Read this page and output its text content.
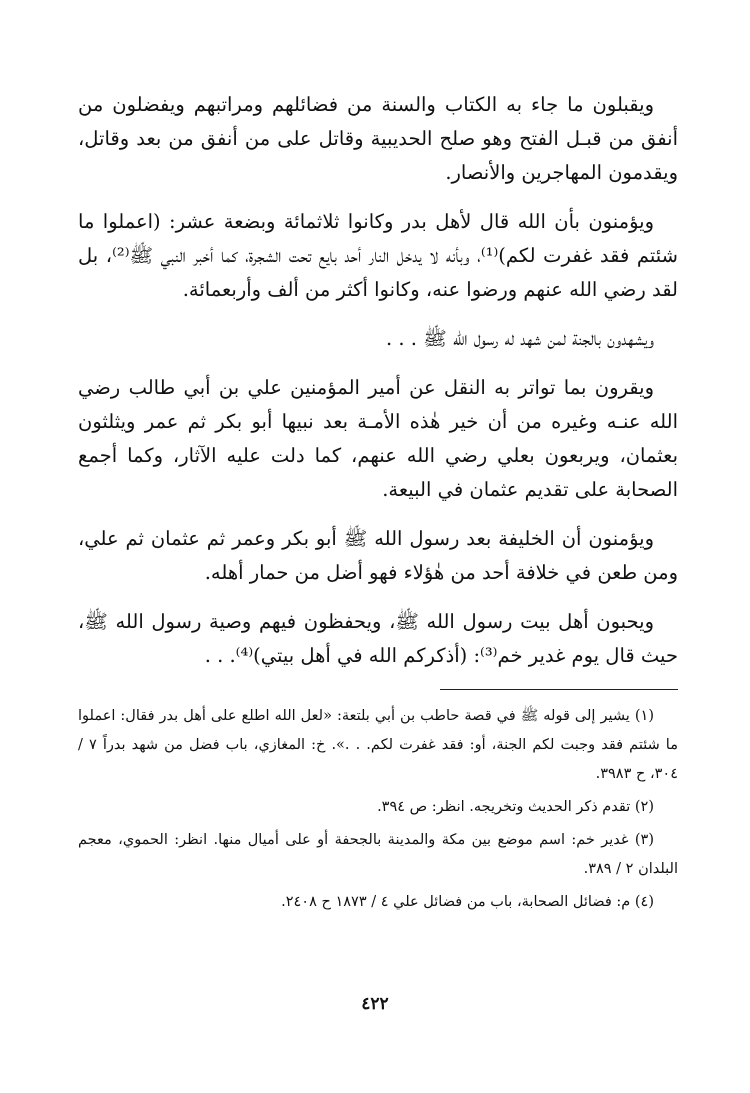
ويقبلون ما جاء به الكتاب والسنة من فضائلهم ومراتبهم ويفضلون من أنفق من قبـل الفتح وهو صلح الحديبية وقاتل على من أنفق من بعد وقاتل، ويقدمون المهاجرين والأنصار.

ويؤمنون بأن الله قال لأهل بدر وكانوا ثلاثمائة وبضعة عشر: (اعملوا ما شئتم فقد غفرت لكم)⁽¹⁾، وبأنه لا يدخل النار أحد بايع تحت الشجرة، كما أخبر النبي ﷺ⁽²⁾، بل لقد رضي الله عنهم ورضوا عنه، وكانوا أكثر من ألف وأربعمائة.

ويشهدون بالجنة لمن شهد له رسول الله ﷺ . . .

ويقرون بما تواتر به النقل عن أمير المؤمنين علي بن أبي طالب رضي الله عنـه وغيره من أن خير هٰذه الأمـة بعد نبيها أبو بكر ثم عمر ويثلثون بعثمان، ويربعون بعلي رضي الله عنهم، كما دلت عليه الآثار، وكما أجمع الصحابة على تقديم عثمان في البيعة.

ويؤمنون أن الخليفة بعد رسول الله ﷺ أبو بكر وعمر ثم عثمان ثم علي، ومن طعن في خلافة أحد من هٰؤلاء فهو أضل من حمار أهله.

ويحبون أهل بيت رسول الله ﷺ، ويحفظون فيهم وصية رسول الله ﷺ، حيث قال يوم غدير خم⁽³⁾: (أذكركم الله في أهل بيتي)⁽⁴⁾. . .

(١) يشير إلى قوله ﷺ في قصة حاطب بن أبي بلتعة: «لعل الله اطلع على أهل بدر فقال: اعملوا ما شئتم فقد وجبت لكم الجنة، أو: فقد غفرت لكم. . .». خ: المغازي، باب فضل من شهد بدراً ٧ / ٣٠٤، ح ٣٩٨٣.

(٢) تقدم ذكر الحديث وتخريجه. انظر: ص ٣٩٤.

(٣) غدير خم: اسم موضع بين مكة والمدينة بالجحفة أو على أميال منها. انظر: الحموي، معجم البلدان ٢ / ٣٨٩.

(٤) م: فضائل الصحابة، باب من فضائل علي ٤ / ١٨٧٣ ح ٢٤٠٨.

٤٢٢
